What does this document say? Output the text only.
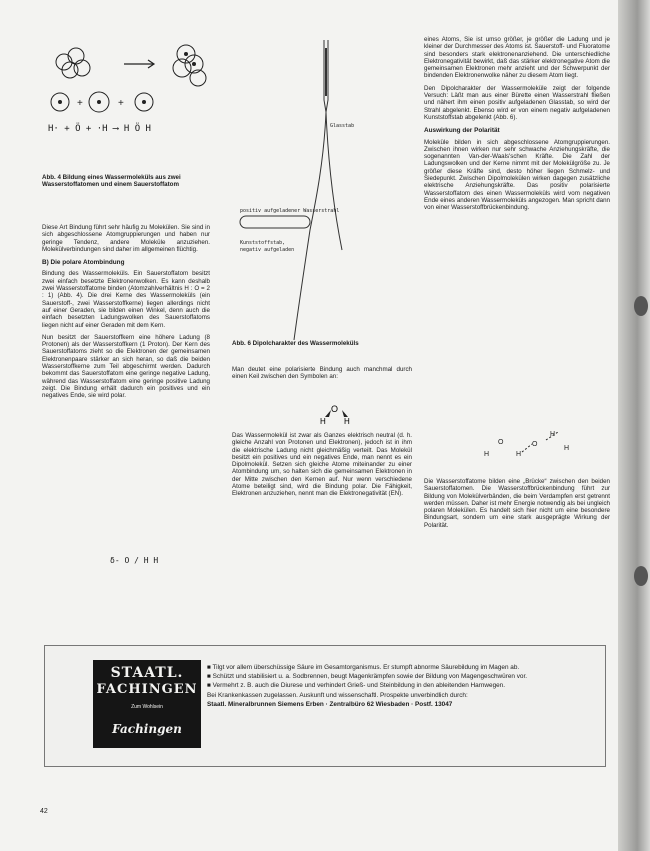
+	+
H· + Ö + ·H ⟶ H Ö H
Abb. 4 Bildung eines Wassermoleküls aus zwei Wasserstoffatomen und einem Sauerstoffatom

Diese Art Bindung führt sehr häufig zu Molekülen. Sie sind in sich abgeschlossene Atomgruppierungen und haben nur geringe Tendenz, andere Moleküle anzuziehen. Molekülverbindungen sind daher im allgemeinen flüchtig.

B) Die polare Atombindung

Bindung des Wassermoleküls. Ein Sauerstoffatom besitzt zwei einfach besetzte Elektronenwolken. Es kann deshalb zwei Wasserstoffatome binden (Atomzahlverhältnis H : O = 2 : 1) (Abb. 4). Die drei Kerne des Wassermoleküls (ein Sauerstoff-, zwei Wasserstoffkerne) liegen allerdings nicht auf einer Geraden, sie bilden einen Winkel, denn auch die einfach besetzten Ladungswolken des Sauerstoffatoms liegen nicht auf einer Geraden mit dem Kern.

Nun besitzt der Sauerstoffkern eine höhere Ladung (8 Protonen) als der Wasserstoffkern (1 Proton). Der Kern des Sauerstoffatoms zieht so die Elektronen der gemeinsamen Elektronenpaare stärker an sich heran, so daß die beiden Wasserstoffkerne zum Teil abgeschirmt werden. Dadurch bekommt das Sauerstoffatom eine geringe negative Ladung, während das Wasserstoffatom eine geringe positive Ladung zeigt. Die Bindung erhält dadurch ein positives und ein negatives Ende, sie wird polar.

δ- O / H H
Glasstab
positiv aufgeladener Wasserstrahl
Kunststoffstab, negativ aufgeladen
Abb. 6 Dipolcharakter des Wassermoleküls

Man deutet eine polarisierte Bindung auch manchmal durch einen Keil zwischen den Symbolen an:

O
H H

Das Wassermolekül ist zwar als Ganzes elektrisch neutral (d. h. gleiche Anzahl von Protonen und Elektronen), jedoch ist in ihm die elektrische Ladung nicht gleichmäßig verteilt. Das Molekül besitzt ein positives und ein negatives Ende, man nennt es ein Dipolmolekül. Setzen sich gleiche Atome miteinander zu einer Atombindung um, so halten sich die gemeinsamen Elektronen in der Mitte zwischen den Kernen auf. Nur wenn verschiedene Atome beteiligt sind, wird die Bindung polar. Die Fähigkeit, Elektronen anzuziehen, nennt man die Elektronegativität (EN).

eines Atoms, Sie ist umso größer, je größer die Ladung und je kleiner der Durchmesser des Atoms ist. Sauerstoff- und Fluoratome sind besonders stark elektronenanziehend. Die unterschiedliche Elektronegativität bewirkt, daß das stärker elektronegative Atom die gemeinsamen Elektronen mehr anzieht und der Schwerpunkt der bindenden Elektronenwolke näher zu diesem Atom liegt.

Den Dipolcharakter der Wassermoleküle zeigt der folgende Versuch: Läßt man aus einer Bürette einen Wasserstrahl fließen und nähert ihm einen positiv aufgeladenen Glasstab, so wird der Strahl abgelenkt. Ebenso wird er von einem negativ aufgeladenen Kunststoffstab abgelenkt (Abb. 6).

Auswirkung der Polarität

Moleküle bilden in sich abgeschlossene Atomgruppierungen. Zwischen ihnen wirken nur sehr schwache Anziehungskräfte, die sogenannten Van-der-Waals'schen Kräfte. Die Zahl der Ladungswolken und der Kerne nimmt mit der Molekülgröße zu. Je größer diese Kräfte sind, desto höher liegen Schmelz- und Siedepunkt. Zwischen Dipolmolekülen wirken dagegen zusätzliche elektrische Anziehungskräfte. Das positiv polarisierte Wasserstoffatom des einen Wassermoleküls wird vom negativen Ende eines anderen Wassermoleküls angezogen. Man spricht dann von einer Wasserstoffbrückenbindung.

H
O
H
O
H
H

Die Wasserstoffatome bilden eine „Brücke“ zwischen den beiden Sauerstoffatomen. Die Wasserstoffbrückenbindung führt zur Bildung von Molekülverbänden, die beim Verdampfen erst getrennt werden müssen. Daher ist mehr Energie notwendig als bei ungleich polaren Molekülen. Es handelt sich hier nicht um eine besondere Bindungsart, sondern um eine stark ausgeprägte Wirkung der Polarität.

STAATL.
FACHINGEN
Zum Wohlsein
Fachingen
■ Tilgt vor allem überschüssige Säure im Gesamtorganismus. Er stumpft abnorme Säurebildung im Magen ab.
■ Schützt und stabilisiert u. a. Sodbrennen, beugt Magenkrämpfen sowie der Bildung von Magengeschwüren vor.
■ Vermehrt z. B. auch die Diurese und verhindert Grieß- und Steinbildung in den ableitenden Harnwegen.
Bei Krankenkassen zugelassen. Auskunft und wissenschaftl. Prospekte unverbindlich durch:
Staatl. Mineralbrunnen Siemens Erben · Zentralbüro 62 Wiesbaden · Postf. 13047
42
